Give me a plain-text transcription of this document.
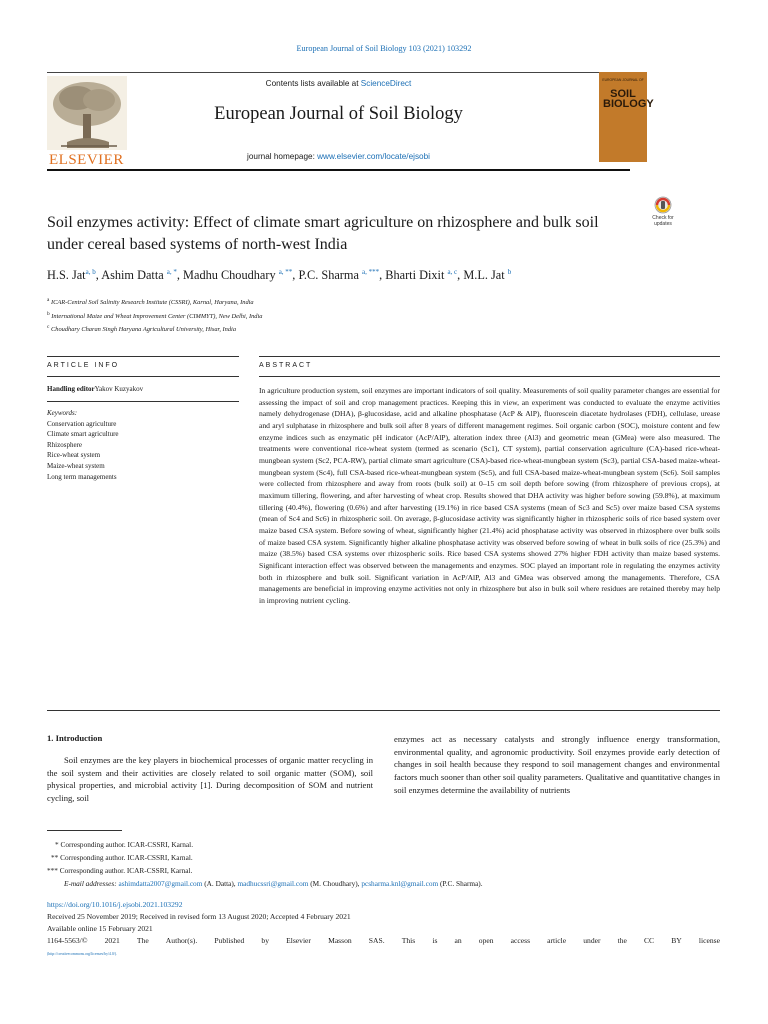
European Journal of Soil Biology 103 (2021) 103292
ELSEVIER
Contents lists available at ScienceDirect
European Journal of Soil Biology
journal homepage: www.elsevier.com/locate/ejsobi
EUROPEAN JOURNAL OF
SOIL BIOLOGY
Soil enzymes activity: Effect of climate smart agriculture on rhizosphere and bulk soil under cereal based systems of north-west India
Check for updates
H.S. Jat$^{a, b}$, Ashim Datta $^{a, *}$, Madhu Choudhary $^{a, **}$, P.C. Sharma $^{a, ***}$, Bharti Dixit $^{a, c}$, M.L. Jat $^b$
$^a$ ICAR-Central Soil Salinity Research Institute (CSSRI), Karnal, Haryana, India
$^b$ International Maize and Wheat Improvement Center (CIMMYT), New Delhi, India
$^c$ Choudhary Charan Singh Haryana Agricultural University, Hisar, India
ARTICLE INFO	ABSTRACT
Handling editorYakov Kuzyakov
Keywords:
Conservation agriculture
Climate smart agriculture
Rhizosphere
Rice-wheat system
Maize-wheat system
Long term managements
In agriculture production system, soil enzymes are important indicators of soil quality. Measurements of soil quality parameter changes are essential for assessing the impact of soil and crop management practices. Keeping this in view, an experiment was conducted to evaluate the enzyme activities namely dehydrogenase (DHA), β-glucosidase, acid and alkaline phosphatase (AcP & AlP), fluorescein diacetate hydrolases (FDH), cellulase, urease and aryl sulphatase in rhizosphere and bulk soil after 8 years of different management regimes. Soil organic carbon (SOC), moisture content and few enzyme indices such as enzymatic pH indicator (AcP/AlP), alteration index three (Al3) and geometric mean (GMea) were also measured. The treatments were conventional rice-wheat system (termed as scenario (Sc1), CT system), partial conservation agriculture (CA)-based rice-wheat-mungbean system (Sc2, PCA-RW), partial climate smart agriculture (CSA)-based rice-wheat-mungbean system (Sc3), partial CSA-based maize-wheat-mungbean system (Sc4), full CSA-based rice-wheat-mungbean system (Sc5), and full CSA-based maize-wheat-mungbean system (Sc6). Soil samples were collected from rhizosphere and away from roots (bulk soil) at 0–15 cm soil depth before sowing (from rhizosphere of previous crops), at maximum tillering, flowering, and after harvesting of wheat crop. Results showed that DHA activity was higher before sowing (59.8%), at maximum tillering (40.4%), flowering (0.6%) and after harvesting (19.1%) in rice based CSA systems (mean of Sc3 and Sc5) over maize based CSA systems (mean of Sc4 and Sc6) in rhizospheric soil. On average, β-glucosidase activity was significantly higher in rhizospheric soils of rice based system over maize based CSA system. Before sowing of wheat, significantly higher (21.4%) acid phosphatase activity was observed in rhizosphere over bulk soils of maize based CSA system. Significantly higher alkaline phosphatase activity was observed before sowing of wheat in bulk soils of rice (25.3%) and maize (38.5%) based CSA systems over rhizospheric soils. Rice based CSA systems showed 27% higher FDH activity than maize based systems. Significant interaction effect was observed between the managements and enzymes. SOC played an important role in regulating the enzymes activity both in rhizosphere and bulk soil. Significant variation in AcP/AlP, Al3 and GMea was observed among the managements. Therefore, CSA managements are beneficial in improving enzyme activities not only in rhizosphere but also in bulk soil where residues are retained thereby may help in improving nutrient cycling.
1. Introduction
Soil enzymes are the key players in biochemical processes of organic matter recycling in the soil system and their activities are closely related to soil organic matter (SOM), soil physical properties, and microbial activity [1]. During decomposition of SOM and nutrient cycling, soil
enzymes act as necessary catalysts and strongly influence energy transformation, environmental quality, and agronomic productivity. Soil enzymes provide early detection of changes in soil health because they respond to soil management changes and environmental factors much sooner than other soil quality parameters. Qualitative and quantitative changes in soil enzymes determine the availability of nutrients
* Corresponding author. ICAR-CSSRI, Karnal.
** Corresponding author. ICAR-CSSRI, Karnal.
*** Corresponding author. ICAR-CSSRI, Karnal.
E-mail addresses: ashimdatta2007@gmail.com (A. Datta), madhucssri@gmail.com (M. Choudhary), pcsharma.knl@gmail.com (P.C. Sharma).
https://doi.org/10.1016/j.ejsobi.2021.103292
Received 25 November 2019; Received in revised form 13 August 2020; Accepted 4 February 2021
Available online 15 February 2021
1164-5563/© 2021 The Author(s). Published by Elsevier Masson SAS. This is an open access article under the CC BY license
(http://creativecommons.org/licenses/by/4.0/).
